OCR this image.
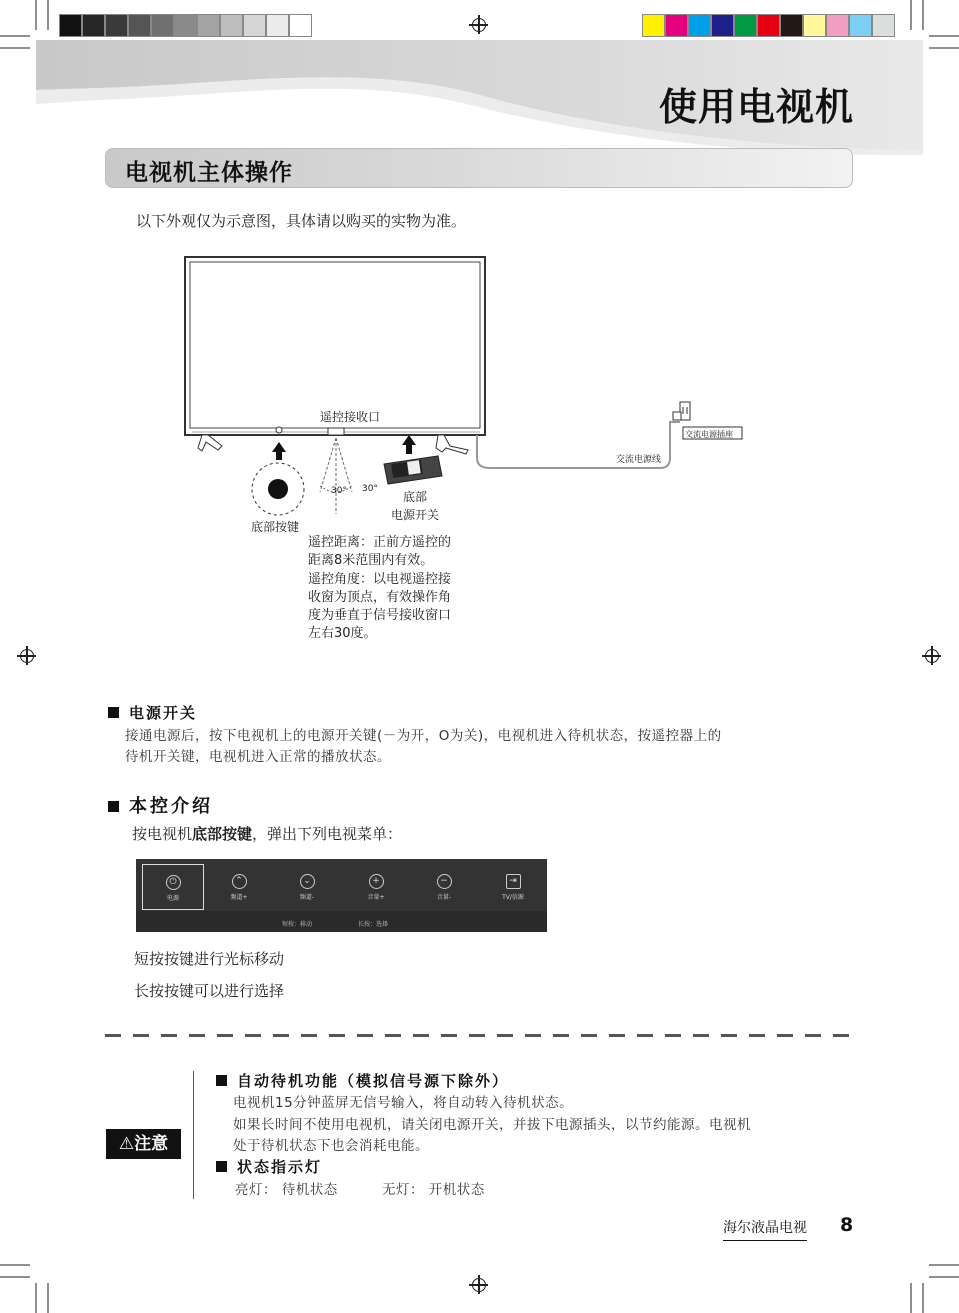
使用电视机
电视机主体操作
以下外观仅为示意图，具体请以购买的实物为准。
遥控接收口
底部按键
30° 30°
底部
电源开关
交流电源线
交流电源插座
遥控距离：正前方遥控的
距离8米范围内有效。
遥控角度：以电视遥控接
收窗为顶点，有效操作角
度为垂直于信号接收窗口
左右30度。
电源开关
接通电源后，按下电视机上的电源开关键(－为开，O为关)，电视机进入待机状态，按遥控器上的
待机开关键，电视机进入正常的播放状态。
本控介绍
按电视机底部按键，弹出下列电视菜单：
⏻
电源
⌃
频道+
⌄
频道-
+
音量+
−
音量-
⇥
TV/信源
短按：移动	长按：选择
短按按键进行光标移动
长按按键可以进行选择
⚠注意
自动待机功能（模拟信号源下除外）
电视机15分钟蓝屏无信号输入，将自动转入待机状态。
如果长时间不使用电视机，请关闭电源开关，并拔下电源插头，以节约能源。电视机
处于待机状态下也会消耗电能。
状态指示灯
亮灯： 待机状态	无灯： 开机状态
海尔液晶电视 8
